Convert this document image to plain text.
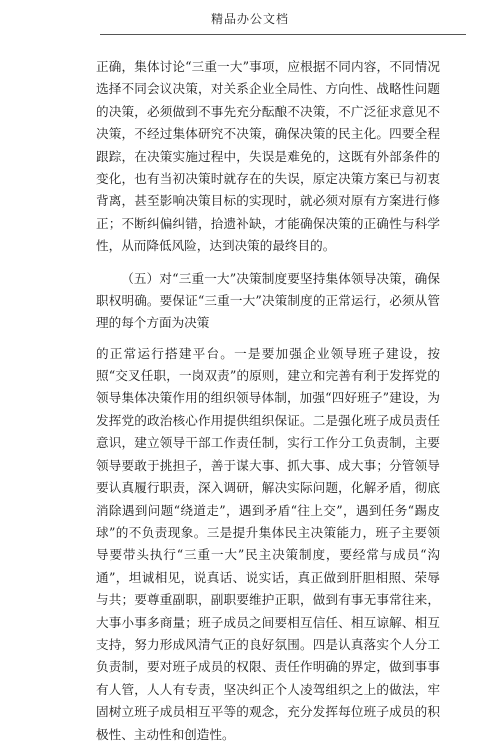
精品办公文档

正确，集体讨论“三重一大”事项，应根据不同内容，不同情况选择不同会议决策，对关系企业全局性、方向性、战略性问题的决策，必须做到不事先充分酝酿不决策，不广泛征求意见不决策，不经过集体研究不决策，确保决策的民主化。四要全程跟踪，在决策实施过程中，失误是难免的，这既有外部条件的变化，也有当初决策时就存在的失误，原定决策方案已与初衷背离，甚至影响决策目标的实现时，就必须对原有方案进行修正；不断纠偏纠错，拾遗补缺，才能确保决策的正确性与科学性，从而降低风险，达到决策的最终目的。

（五）对“三重一大”决策制度要坚持集体领导决策，确保职权明确。要保证“三重一大”决策制度的正常运行，必须从管理的每个方面为决策

的正常运行搭建平台。一是要加强企业领导班子建设，按照“交叉任职，一岗双责”的原则，建立和完善有利于发挥党的领导集体决策作用的组织领导体制，加强“四好班子”建设，为发挥党的政治核心作用提供组织保证。二是强化班子成员责任意识，建立领导干部工作责任制，实行工作分工负责制，主要领导要敢于挑担子，善于谋大事、抓大事、成大事；分管领导要认真履行职责，深入调研，解决实际问题，化解矛盾，彻底消除遇到问题“绕道走”，遇到矛盾“往上交”，遇到任务“踢皮球”的不负责现象。三是提升集体民主决策能力，班子主要领导要带头执行“三重一大”民主决策制度，要经常与成员“沟通”，坦诚相见，说真话、说实话，真正做到肝胆相照、荣辱与共；要尊重副职，副职要维护正职，做到有事无事常往来，大事小事多商量；班子成员之间要相互信任、相互谅解、相互支持，努力形成风清气正的良好氛围。四是认真落实个人分工负责制，要对班子成员的权限、责任作明确的界定，做到事事有人管，人人有专责，坚决纠正个人凌驾组织之上的做法，牢固树立班子成员相互平等的观念，充分发挥每位班子成员的积极性、主动性和创造性。
